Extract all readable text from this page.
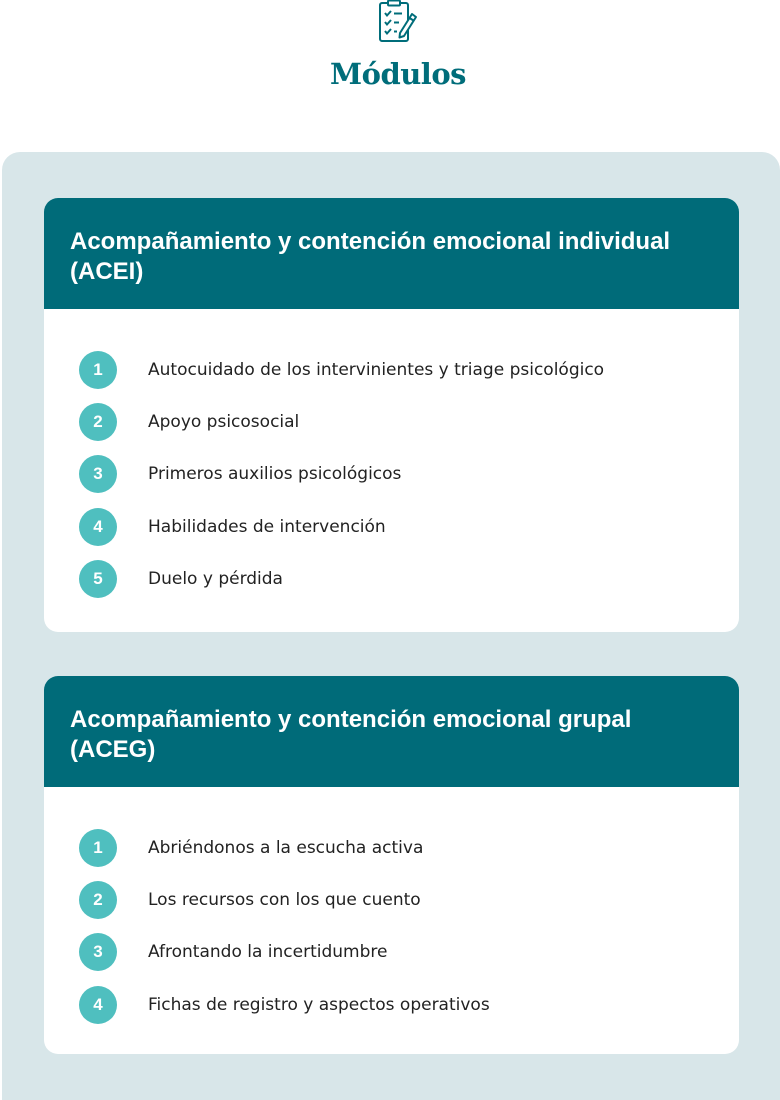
Módulos
Acompañamiento y contención emocional individual (ACEI)
1	Autocuidado de los intervinientes y triage psicológico
2	Apoyo psicosocial
3	Primeros auxilios psicológicos
4	Habilidades de intervención
5	Duelo y pérdida
Acompañamiento y contención emocional grupal (ACEG)
1	Abriéndonos a la escucha activa
2	Los recursos con los que cuento
3	Afrontando la incertidumbre
4	Fichas de registro y aspectos operativos
